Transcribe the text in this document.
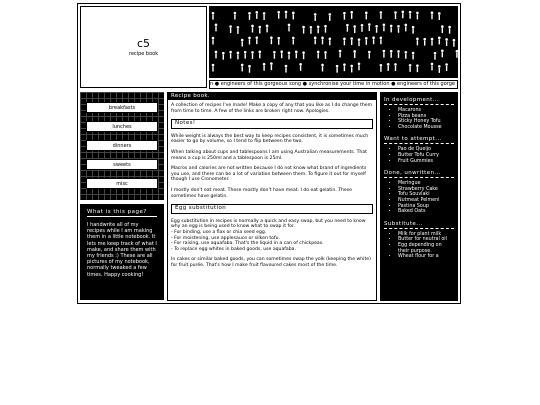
c5
recipe book
n ● engineers of this gorgeous song ● synchronise your time in motion ● engineers of this gorge
breakfasts
lunches
dinners
sweets
misc
What is this page?
I handwrite all of my recipes while I am making them in a little notebook. It lets me keep track of what I make, and share them with my friends :) These are all pictures of my notebook, normally tweaked a few times. Happy cooking!
Recipe book.

A collection of recipes I've made! Make a copy of any that you like as I do change them from time to time. A few of the links are broken right now. Apologies.

Notes!

While weight is always the best way to keep recipes consistent, it is sometimes much easier to go by volume, so I tend to flip between the two.

When talking about cups and tablespoons I am using Australian measurements. That means a cup is 250ml and a tablespoon is 25ml.

Macros and calories are not written because I do not know what brand of ingredients you use, and there can be a lot of variation between them. To figure it out for myself though I use Cronometer.

I mostly don't eat meat. These mostly don't have meat. I do eat gelatin. These sometimes have gelatin.

Egg substitution

Egg substitution in recipes is normally a quick and easy swap, but you need to know why an egg is being used to know what to swap it for.

- For binding, use a flax or chia seed egg.
- For moistening, use applesauce or silken tofu.
- For raising, use aquafaba. That's the liquid in a can of chickpeas.
- To replace egg whites in baked goods, use aquafaba.

In cakes or similar baked goods, you can sometimes swap the yolk (keeping the white) for fruit purée. That's how I make fruit flavoured cakes most of the time.

In development...
• Macarons
• Pizza beans
• Sticky Honey Tofu
• Chocolate Mousse
Want to attempt...
• Pao de Queijo
• Butter Tofu Curry
• Fruit Gummies
Done, unwritten...
• Meringue
• Strawberry Cake
• Tofu Souvlaki
• Nutmeat Pelmeni
• Pastina Soup
• Baked Oats
Substitute...
• Milk for plant milk
• Butter for neutral oil
• Egg depending on their purpose.
• Wheat flour for a
